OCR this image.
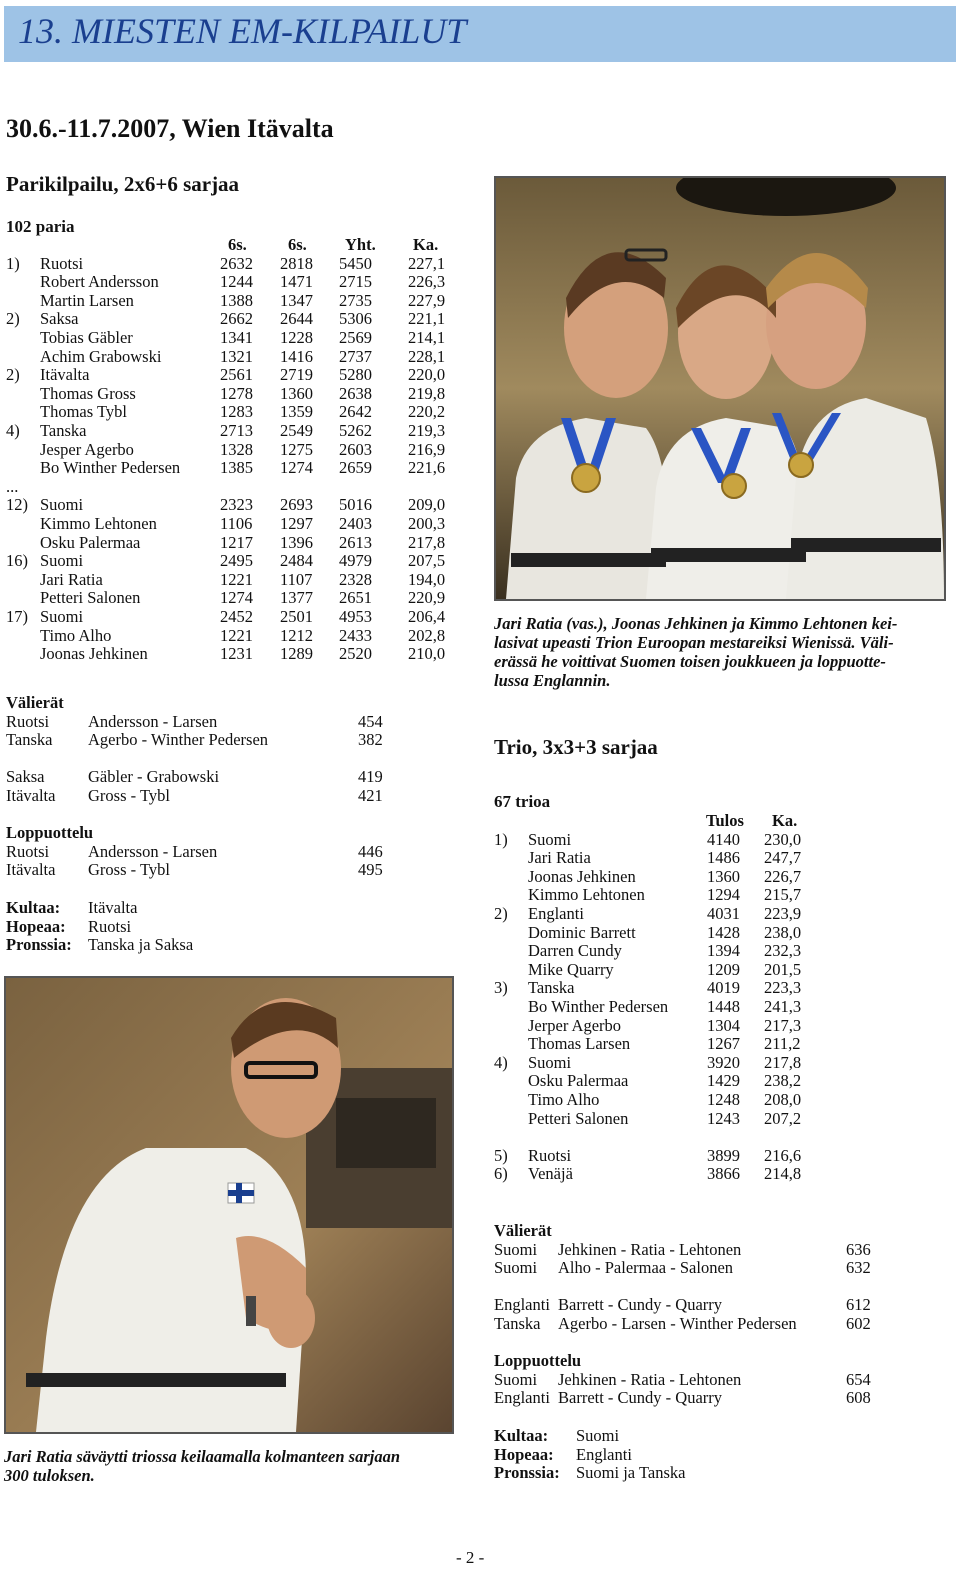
13. MIESTEN EM-KILPAILUT
30.6.-11.7.2007, Wien Itävalta
Parikilpailu, 2x6+6 sarjaa
102 paria
6s. 6s. Yht. Ka.
1) Ruotsi	2632 2818 5450 227,1
Robert Andersson	1244 1471 2715 226,3
Martin Larsen	1388 1347 2735 227,9
2) Saksa	2662 2644 5306 221,1
Tobias Gäbler	1341 1228 2569 214,1
Achim Grabowski	1321 1416 2737 228,1
2) Itävalta	2561 2719 5280 220,0
Thomas Gross	1278 1360 2638 219,8
Thomas Tybl	1283 1359 2642 220,2
4) Tanska	2713 2549 5262 219,3
Jesper Agerbo	1328 1275 2603 216,9
Bo Winther Pedersen 1385 1274 2659 221,6
...
12) Suomi	2323 2693 5016 209,0
Kimmo Lehtonen	1106 1297 2403 200,3
Osku Palermaa	1217 1396 2613 217,8
16) Suomi	2495 2484 4979 207,5
Jari Ratia	1221 1107 2328 194,0
Petteri Salonen	1274 1377 2651 220,9
17) Suomi	2452 2501 4953 206,4
Timo Alho	1221 1212 2433 202,8
Joonas Jehkinen	1231 1289 2520 210,0
Välierät
Ruotsi Andersson - Larsen	454
Tanska Agerbo - Winther Pedersen	382
Saksa	Gäbler - Grabowski	419
Itävalta Gross - Tybl	421
Loppuottelu
Ruotsi Andersson - Larsen	446
Itävalta Gross - Tybl	495
Kultaa: Itävalta
Hopeaa: Ruotsi
Pronssia: Tanska ja Saksa
Jari Ratia (vas.), Joonas Jehkinen ja Kimmo Lehtonen kei-
lasivat upeasti Trion Euroopan mestareiksi Wienissä. Väli-
erässä he voittivat Suomen toisen joukkueen ja loppuotte-
lussa Englannin.
Trio, 3x3+3 sarjaa
67 trioa
Tulos Ka.
1) Suomi	4140 230,0
Jari Ratia	1486 247,7
Joonas Jehkinen	1360 226,7
Kimmo Lehtonen	1294 215,7
2) Englanti	4031 223,9
Dominic Barrett	1428 238,0
Darren Cundy	1394 232,3
Mike Quarry	1209 201,5
3) Tanska	4019 223,3
Bo Winther Pedersen 1448 241,3
Jerper Agerbo	1304 217,3
Thomas Larsen	1267 211,2
4) Suomi	3920 217,8
Osku Palermaa	1429 238,2
Timo Alho	1248 208,0
Petteri Salonen	1243 207,2
5) Ruotsi	3899 216,6
6) Venäjä	3866 214,8
Välierät
Suomi Jehkinen - Ratia - Lehtonen	636
Suomi Alho - Palermaa - Salonen	632
Englanti Barrett - Cundy - Quarry	612
Tanska Agerbo - Larsen - Winther Pedersen	602
Loppuottelu
Suomi Jehkinen - Ratia - Lehtonen	654
Englanti Barrett - Cundy - Quarry	608
Kultaa: Suomi
Hopeaa: Englanti
Pronssia: Suomi ja Tanska
Jari Ratia säväytti triossa keilaamalla kolmanteen sarjaan
300 tuloksen.
- 2 -
